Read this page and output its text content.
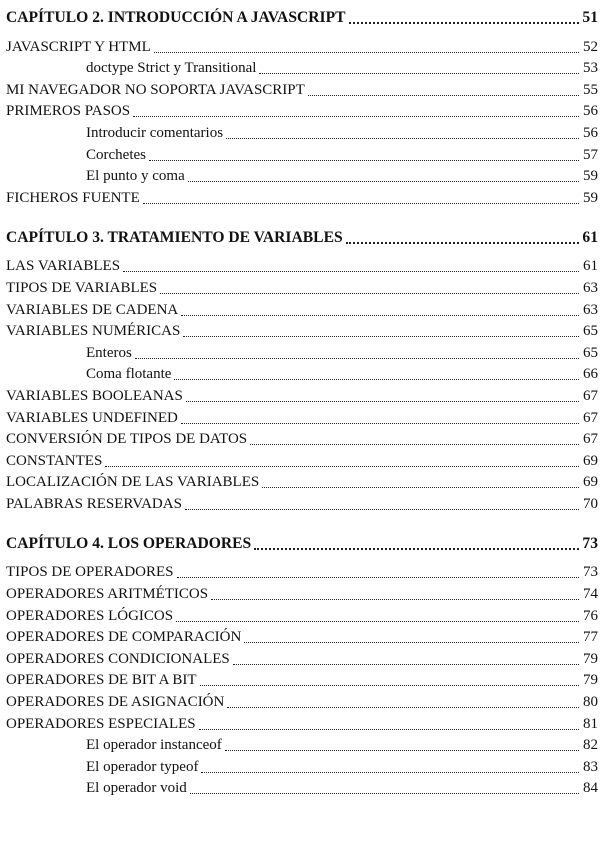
CAPÍTULO 2. INTRODUCCIÓN A JAVASCRIPT	51
JAVASCRIPT Y HTML	52
doctype Strict y Transitional	53
MI NAVEGADOR NO SOPORTA JAVASCRIPT	55
PRIMEROS PASOS	56
Introducir comentarios	56
Corchetes	57
El punto y coma	59
FICHEROS FUENTE	59
CAPÍTULO 3. TRATAMIENTO DE VARIABLES	61
LAS VARIABLES	61
TIPOS DE VARIABLES	63
VARIABLES DE CADENA	63
VARIABLES NUMÉRICAS	65
Enteros	65
Coma flotante	66
VARIABLES BOOLEANAS	67
VARIABLES UNDEFINED	67
CONVERSIÓN DE TIPOS DE DATOS	67
CONSTANTES	69
LOCALIZACIÓN DE LAS VARIABLES	69
PALABRAS RESERVADAS	70
CAPÍTULO 4. LOS OPERADORES	73
TIPOS DE OPERADORES	73
OPERADORES ARITMÉTICOS	74
OPERADORES LÓGICOS	76
OPERADORES DE COMPARACIÓN	77
OPERADORES CONDICIONALES	79
OPERADORES DE BIT A BIT	79
OPERADORES DE ASIGNACIÓN	80
OPERADORES ESPECIALES	81
El operador instanceof	82
El operador typeof	83
El operador void	84
